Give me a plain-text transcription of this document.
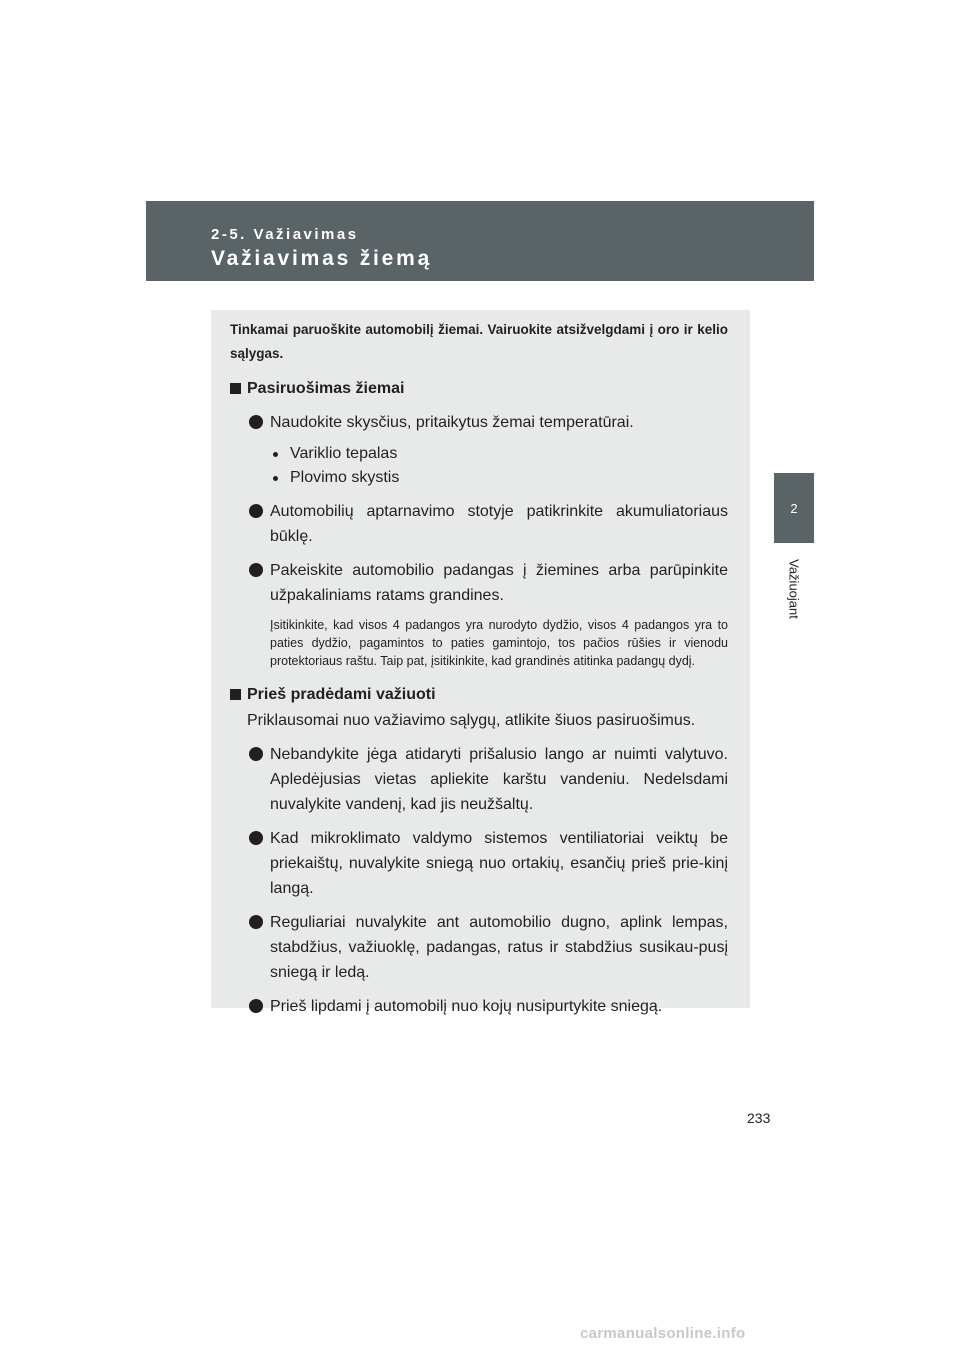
2-5. Važiavimas
Važiavimas žiemą
2
Važiuojant
Tinkamai paruoškite automobilį žiemai. Vairuokite atsižvelgdami į oro ir kelio sąlygas.
Pasiruošimas žiemai
Naudokite skysčius, pritaikytus žemai temperatūrai.
Variklio tepalas
Plovimo skystis
Automobilių aptarnavimo stotyje patikrinkite akumuliatoriaus būklę.
Pakeiskite automobilio padangas į žiemines arba parūpinkite užpakaliniams ratams grandines.
Įsitikinkite, kad visos 4 padangos yra nurodyto dydžio, visos 4 padangos yra to paties dydžio, pagamintos to paties gamintojo, tos pačios rūšies ir vienodu protektoriaus raštu. Taip pat, įsitikinkite, kad grandinės atitinka padangų dydį.
Prieš pradėdami važiuoti
Priklausomai nuo važiavimo sąlygų, atlikite šiuos pasiruošimus.
Nebandykite jėga atidaryti prišalusio lango ar nuimti valytuvo. Apledėjusias vietas apliekite karštu vandeniu. Nedelsdami nuvalykite vandenį, kad jis neužšaltų.
Kad mikroklimato valdymo sistemos ventiliatoriai veiktų be priekaištų, nuvalykite sniegą nuo ortakių, esančių prieš prie-kinį langą.
Reguliariai nuvalykite ant automobilio dugno, aplink lempas, stabdžius, važiuoklę, padangas, ratus ir stabdžius susikau-pusį sniegą ir ledą.
Prieš lipdami į automobilį nuo kojų nusipurtykite sniegą.
233
carmanualsonline.info
